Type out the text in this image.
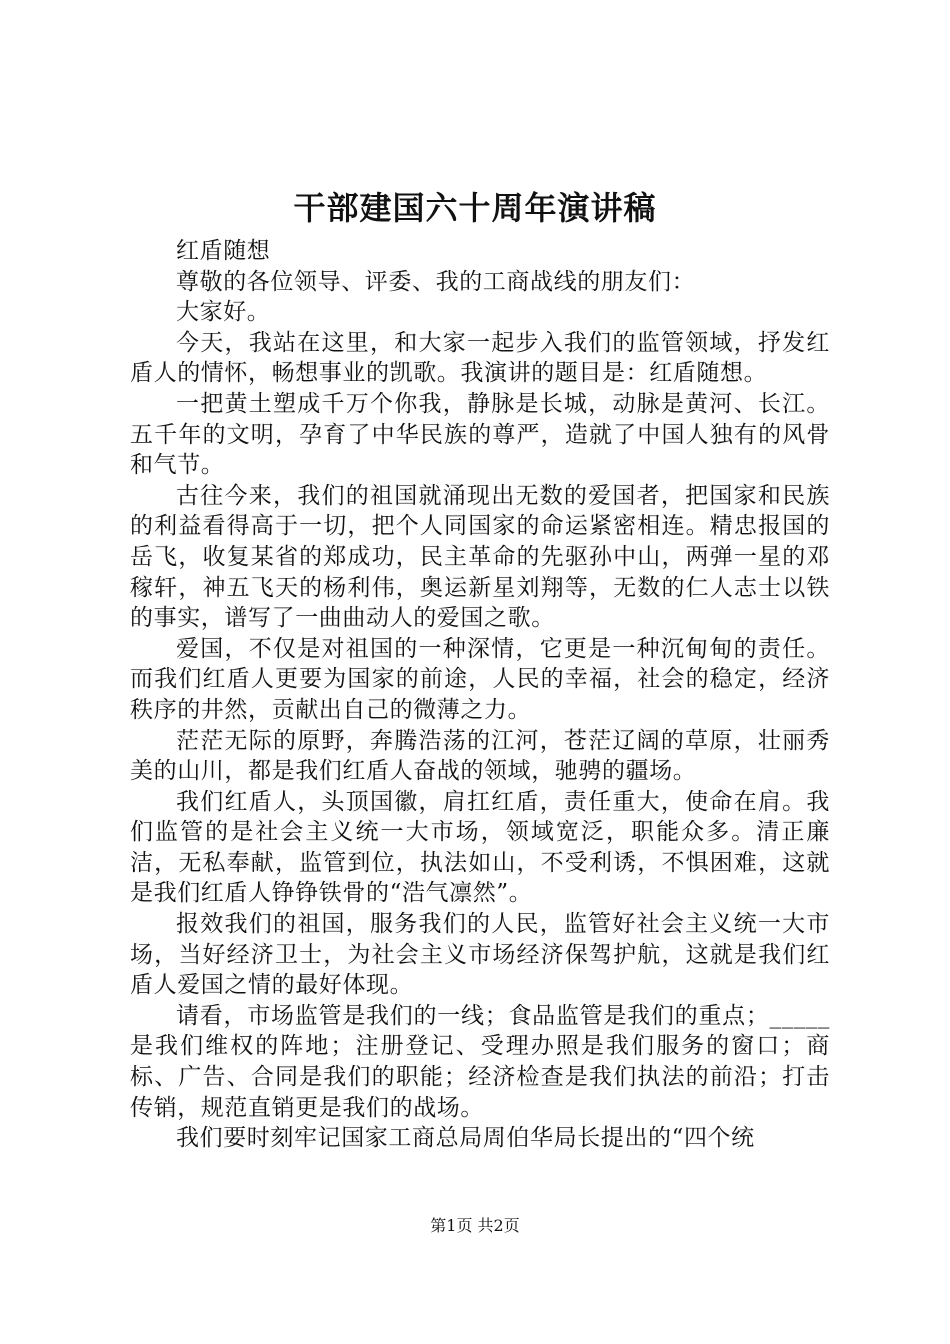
干部建国六十周年演讲稿

红盾随想

尊敬的各位领导、评委、我的工商战线的朋友们：

大家好。

今天，我站在这里，和大家一起步入我们的监管领域，抒发红盾人的情怀，畅想事业的凯歌。我演讲的题目是：红盾随想。

一把黄土塑成千万个你我，静脉是长城，动脉是黄河、长江。五千年的文明，孕育了中华民族的尊严，造就了中国人独有的风骨和气节。

古往今来，我们的祖国就涌现出无数的爱国者，把国家和民族的利益看得高于一切，把个人同国家的命运紧密相连。精忠报国的岳飞，收复某省的郑成功，民主革命的先驱孙中山，两弹一星的邓稼轩，神五飞天的杨利伟，奥运新星刘翔等，无数的仁人志士以铁的事实，谱写了一曲曲动人的爱国之歌。

爱国，不仅是对祖国的一种深情，它更是一种沉甸甸的责任。而我们红盾人更要为国家的前途，人民的幸福，社会的稳定，经济秩序的井然，贡献出自己的微薄之力。

茫茫无际的原野，奔腾浩荡的江河，苍茫辽阔的草原，壮丽秀美的山川，都是我们红盾人奋战的领域，驰骋的疆场。

我们红盾人，头顶国徽，肩扛红盾，责任重大，使命在肩。我们监管的是社会主义统一大市场，领域宽泛，职能众多。清正廉洁，无私奉献，监管到位，执法如山，不受利诱，不惧困难，这就是我们红盾人铮铮铁骨的“浩气凛然”。

报效我们的祖国，服务我们的人民，监管好社会主义统一大市场，当好经济卫士，为社会主义市场经济保驾护航，这就是我们红盾人爱国之情的最好体现。

请看，市场监管是我们的一线；食品监管是我们的重点；_____是我们维权的阵地；注册登记、受理办照是我们服务的窗口；商标、广告、合同是我们的职能；经济检查是我们执法的前沿；打击传销，规范直销更是我们的战场。

我们要时刻牢记国家工商总局周伯华局长提出的“四个统

第1页 共2页
